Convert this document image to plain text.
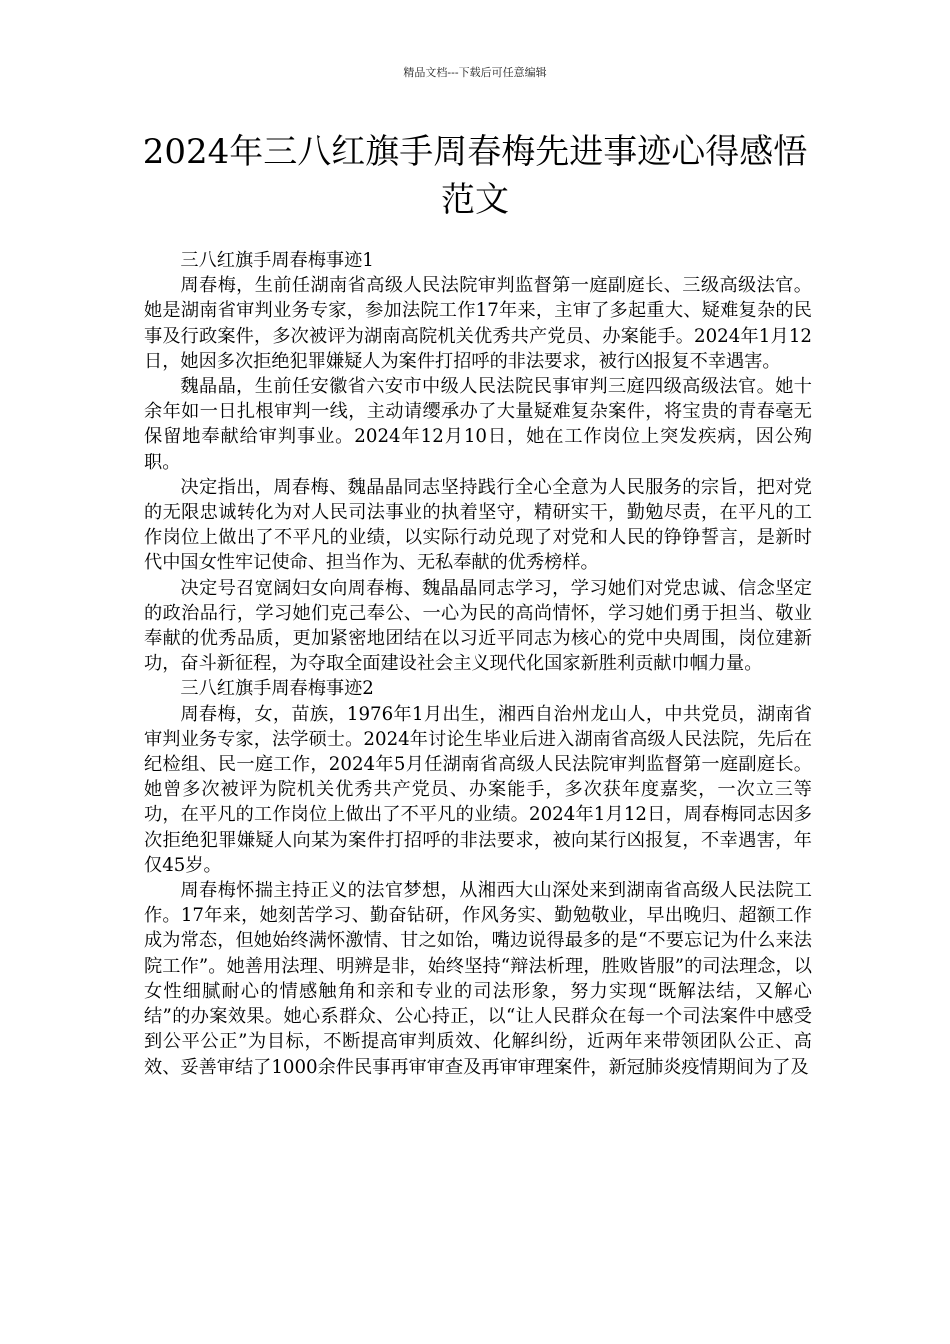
精品文档---下载后可任意编辑
2024年三八红旗手周春梅先进事迹心得感悟范文

三八红旗手周春梅事迹1

周春梅，生前任湖南省高级人民法院审判监督第一庭副庭长、三级高级法官。她是湖南省审判业务专家，参加法院工作17年来，主审了多起重大、疑难复杂的民事及行政案件，多次被评为湖南高院机关优秀共产党员、办案能手。2024年1月12日，她因多次拒绝犯罪嫌疑人为案件打招呼的非法要求，被行凶报复不幸遇害。

魏晶晶，生前任安徽省六安市中级人民法院民事审判三庭四级高级法官。她十余年如一日扎根审判一线，主动请缨承办了大量疑难复杂案件，将宝贵的青春毫无保留地奉献给审判事业。2024年12月10日，她在工作岗位上突发疾病，因公殉职。

决定指出，周春梅、魏晶晶同志坚持践行全心全意为人民服务的宗旨，把对党的无限忠诚转化为对人民司法事业的执着坚守，精研实干，勤勉尽责，在平凡的工作岗位上做出了不平凡的业绩，以实际行动兑现了对党和人民的铮铮誓言，是新时代中国女性牢记使命、担当作为、无私奉献的优秀榜样。

决定号召宽阔妇女向周春梅、魏晶晶同志学习，学习她们对党忠诚、信念坚定的政治品行，学习她们克己奉公、一心为民的高尚情怀，学习她们勇于担当、敬业奉献的优秀品质，更加紧密地团结在以习近平同志为核心的党中央周围，岗位建新功，奋斗新征程，为夺取全面建设社会主义现代化国家新胜利贡献巾帼力量。

三八红旗手周春梅事迹2

周春梅，女，苗族，1976年1月出生，湘西自治州龙山人，中共党员，湖南省审判业务专家，法学硕士。2024年讨论生毕业后进入湖南省高级人民法院，先后在纪检组、民一庭工作，2024年5月任湖南省高级人民法院审判监督第一庭副庭长。她曾多次被评为院机关优秀共产党员、办案能手，多次获年度嘉奖，一次立三等功，在平凡的工作岗位上做出了不平凡的业绩。2024年1月12日，周春梅同志因多次拒绝犯罪嫌疑人向某为案件打招呼的非法要求，被向某行凶报复，不幸遇害，年仅45岁。

周春梅怀揣主持正义的法官梦想，从湘西大山深处来到湖南省高级人民法院工作。17年来，她刻苦学习、勤奋钻研，作风务实、勤勉敬业，早出晚归、超额工作成为常态，但她始终满怀激情、甘之如饴，嘴边说得最多的是“不要忘记为什么来法院工作”。她善用法理、明辨是非，始终坚持“辩法析理，胜败皆服”的司法理念，以女性细腻耐心的情感触角和亲和专业的司法形象，努力实现“既解法结，又解心结”的办案效果。她心系群众、公心持正，以“让人民群众在每一个司法案件中感受到公平公正”为目标，不断提高审判质效、化解纠纷，近两年来带领团队公正、高效、妥善审结了1000余件民事再审审查及再审审理案件，新冠肺炎疫情期间为了及
